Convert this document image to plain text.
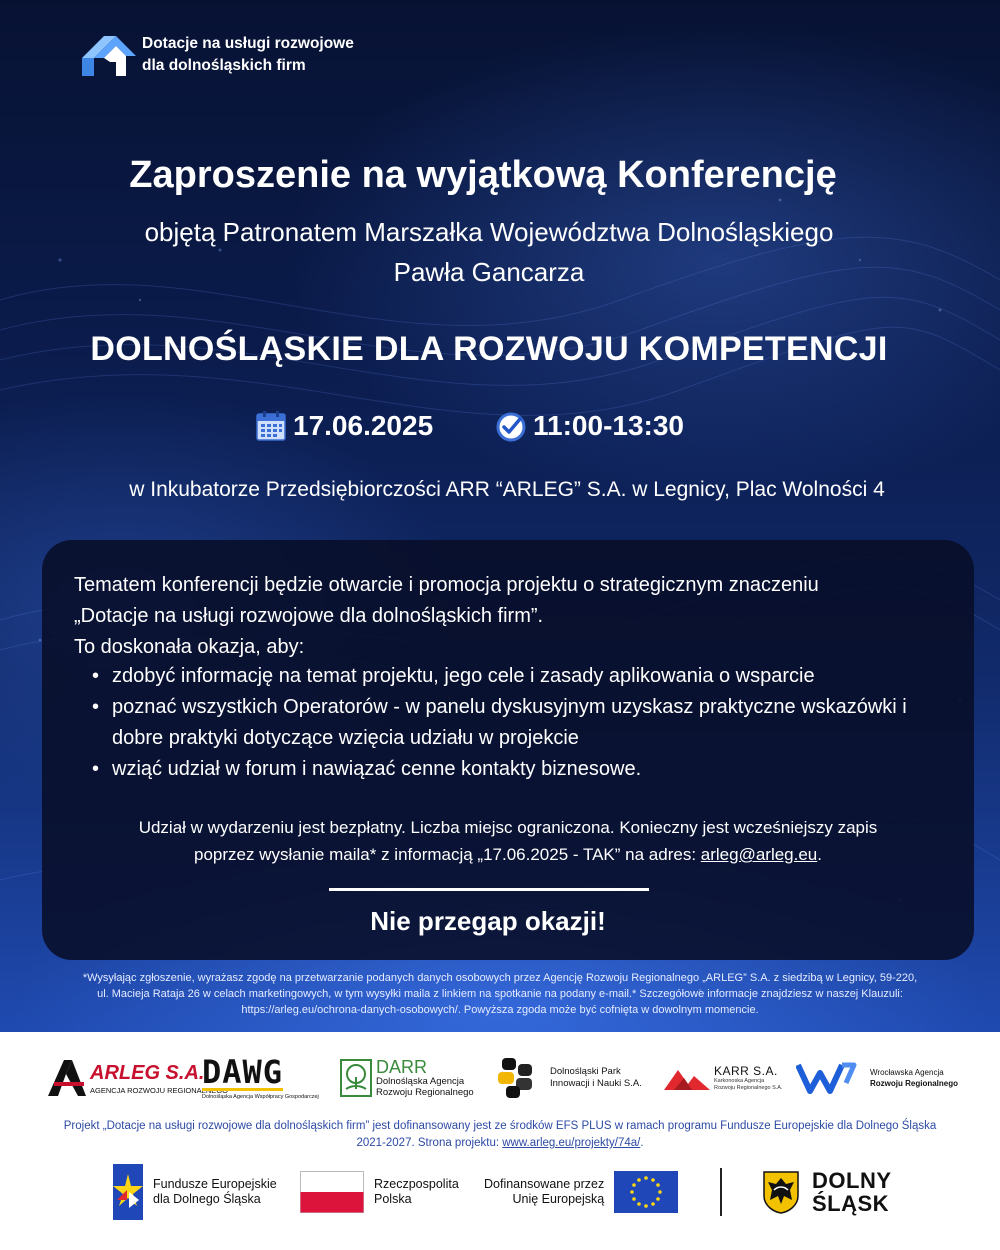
Dotacje na usługi rozwojowe
dla dolnośląskich firm
Zaproszenie na wyjątkową Konferencję
objętą Patronatem Marszałka Województwa Dolnośląskiego
Pawła Gancarza
DOLNOŚLĄSKIE DLA ROZWOJU KOMPETENCJI
17.06.2025	11:00-13:30
w Inkubatorze Przedsiębiorczości ARR “ARLEG” S.A. w Legnicy, Plac Wolności 4
Tematem konferencji będzie otwarcie i promocja projektu o strategicznym znaczeniu
„Dotacje na usługi rozwojowe dla dolnośląskich firm”.
To doskonała okazja, aby:
• zdobyć informację na temat projektu, jego cele i zasady aplikowania o wsparcie
• poznać wszystkich Operatorów - w panelu dyskusyjnym uzyskasz praktyczne wskazówki i dobre praktyki dotyczące wzięcia udziału w projekcie
• wziąć udział w forum i nawiązać cenne kontakty biznesowe.
Udział w wydarzeniu jest bezpłatny. Liczba miejsc ograniczona. Konieczny jest wcześniejszy zapis
poprzez wysłanie maila* z informacją „17.06.2025 - TAK” na adres: arleg@arleg.eu.
Nie przegap okazji!
*Wysyłając zgłoszenie, wyrażasz zgodę na przetwarzanie podanych danych osobowych przez Agencję Rozwoju Regionalnego „ARLEG” S.A. z siedzibą w Legnicy, 59-220,
ul. Macieja Rataja 26 w celach marketingowych, w tym wysyłki maila z linkiem na spotkanie na podany e-mail.* Szczegółowe informacje znajdziesz w naszej Klauzuli:
https://arleg.eu/ochrona-danych-osobowych/. Powyższa zgoda może być cofnięta w dowolnym momencie.
ARLEG S.A.
AGENCJA ROZWOJU REGIONALNEGO
DAWG
Dolnośląska Agencja Współpracy Gospodarczej
DARR
Dolnośląska Agencja
Rozwoju Regionalnego
Dolnośląski Park
Innowacji i Nauki S.A.
KARR S.A.
Karkonoska Agencja
Rozwoju Regionalnego S.A.
Wrocławska Agencja
Rozwoju Regionalnego
Projekt „Dotacje na usługi rozwojowe dla dolnośląskich firm” jest dofinansowany jest ze środków EFS PLUS w ramach programu Fundusze Europejskie dla Dolnego Śląska
2021-2027. Strona projektu: www.arleg.eu/projekty/74a/.
Fundusze Europejskie
dla Dolnego Śląska
Rzeczpospolita
Polska
Dofinansowane przez
Unię Europejską
DOLNY
ŚLĄSK
